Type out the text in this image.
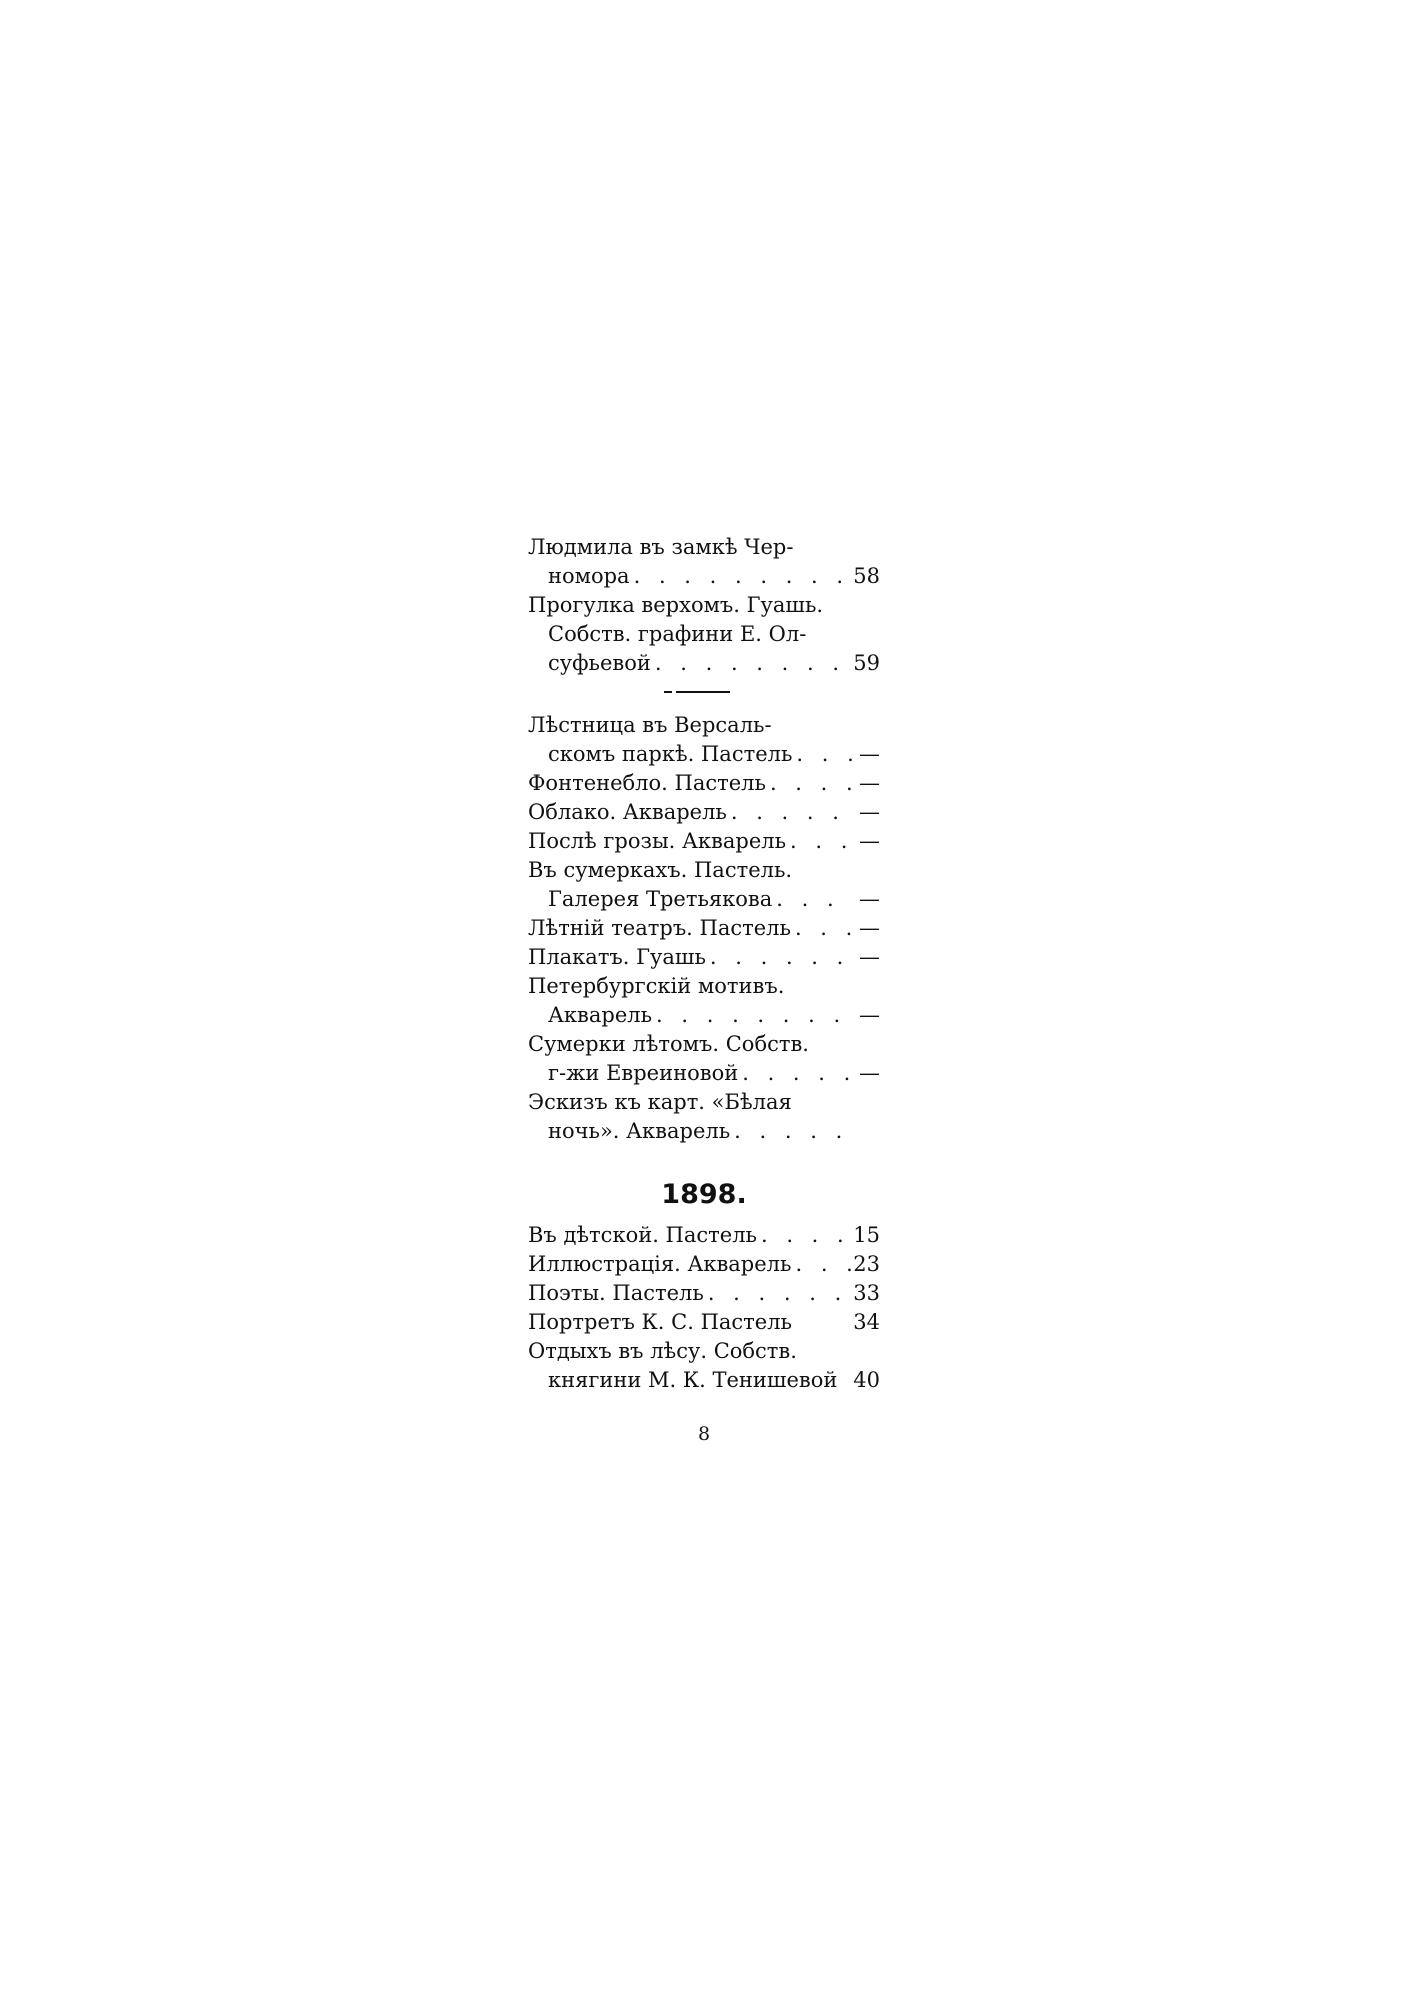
Людмила въ замкѣ Чер-
номора . . .	58
Прогулка верхомъ. Гуашь.
Собств. графини Е. Ол-
суфьевой . . .	59
Лѣстница въ Версаль-
скомъ паркѣ. Пастель . . .	—
Фонтенебло. Пастель . . .	—
Облако. Акварель . . .	—
Послѣ грозы. Акварель . . .	—
Въ сумеркахъ. Пастель.
Галерея Третьякова . . .	—
Лѣтній театръ. Пастель . . .	—
Плакатъ. Гуашь . . .	—
Петербургскій мотивъ.
Акварель . . .	—
Сумерки лѣтомъ. Собств.
г-жи Евреиновой . . .	—
Эскизъ къ карт. «Бѣлая
ночь». Акварель
. . .
1898.
Въ дѣтской. Пастель . . .	15
Иллюстрація. Акварель . . .	23
Поэты. Пастель . . .	33
Портретъ К. С. Пастель	34
Отдыхъ въ лѣсу. Собств.
княгини М. К. Тенишевой 40
8
